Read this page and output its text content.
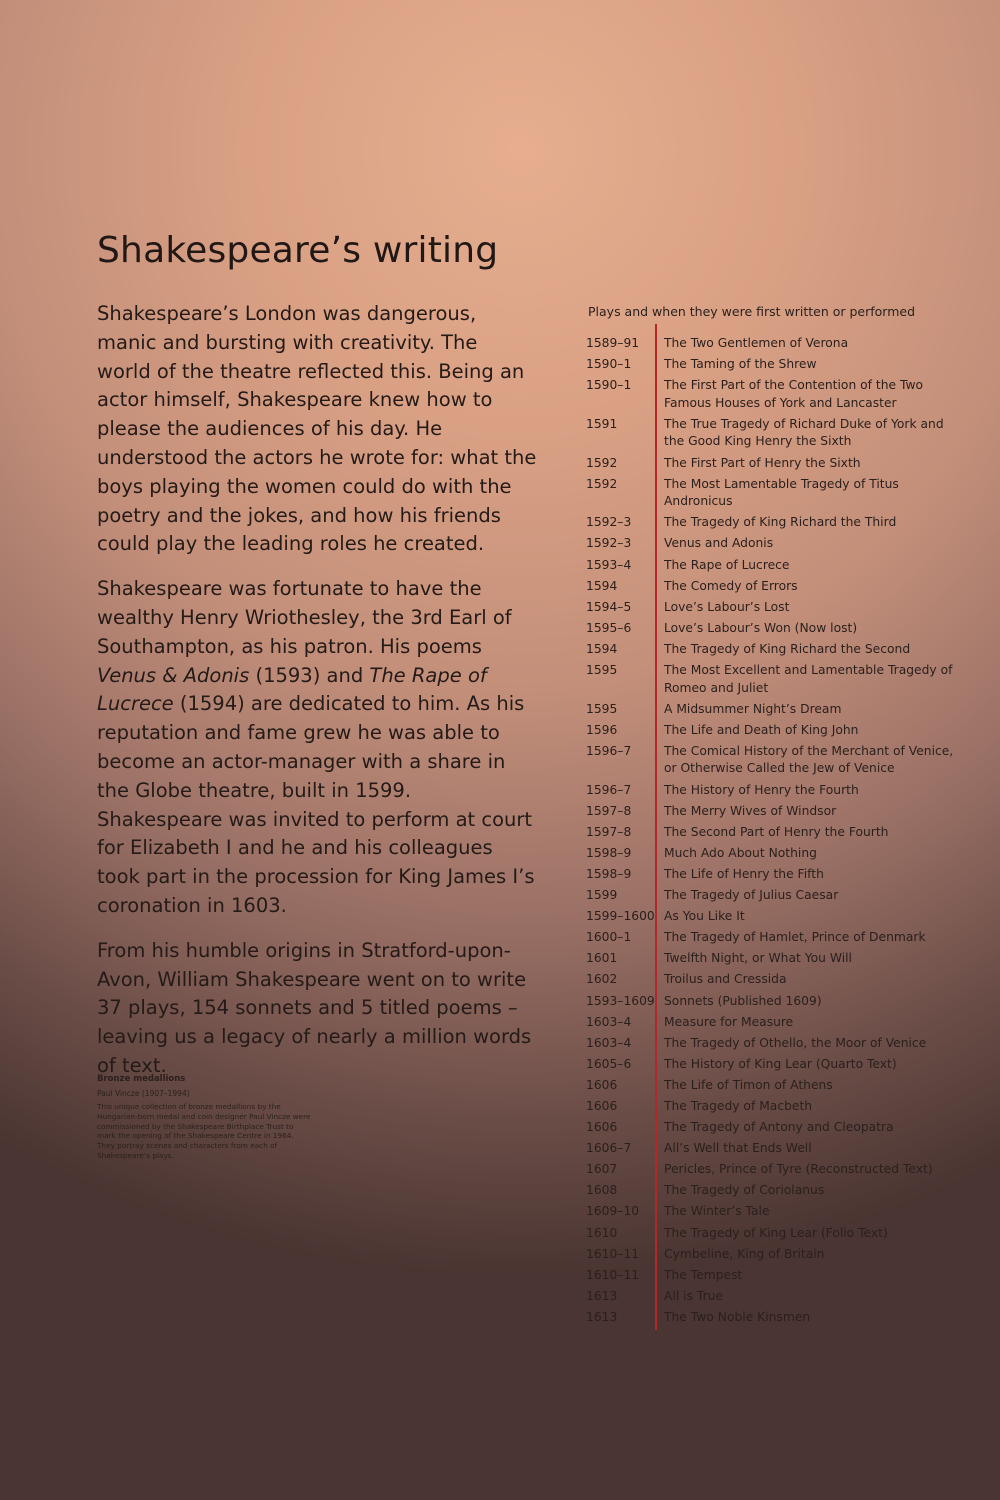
Shakespeare’s writing

Shakespeare’s London was dangerous, manic and bursting with creativity. The world of the theatre reflected this. Being an actor himself, Shakespeare knew how to please the audiences of his day. He understood the actors he wrote for: what the boys playing the women could do with the poetry and the jokes, and how his friends could play the leading roles he created.

Shakespeare was fortunate to have the wealthy Henry Wriothesley, the 3rd Earl of Southampton, as his patron. His poems Venus & Adonis (1593) and The Rape of Lucrece (1594) are dedicated to him. As his reputation and fame grew he was able to become an actor-manager with a share in the Globe theatre, built in 1599. Shakespeare was invited to perform at court for Elizabeth I and he and his colleagues took part in the procession for King James I’s coronation in 1603.

From his humble origins in Stratford-upon-Avon, William Shakespeare went on to write 37 plays, 154 sonnets and 5 titled poems – leaving us a legacy of nearly a million words of text.

Bronze medallions

Paul Vincze (1907–1994)

This unique collection of bronze medallions by the Hungarian-born medal and coin designer Paul Vincze were commissioned by the Shakespeare Birthplace Trust to mark the opening of the Shakespeare Centre in 1964. They portray scenes and characters from each of Shakespeare’s plays.

Plays and when they were first written or performed

1589–91	The Two Gentlemen of Verona
1590–1	The Taming of the Shrew
1590–1	The First Part of the Contention of the Two Famous Houses of York and Lancaster
1591	The True Tragedy of Richard Duke of York and the Good King Henry the Sixth
1592	The First Part of Henry the Sixth
1592	The Most Lamentable Tragedy of Titus Andronicus
1592–3	The Tragedy of King Richard the Third
1592–3	Venus and Adonis
1593–4	The Rape of Lucrece
1594	The Comedy of Errors
1594–5	Love’s Labour’s Lost
1595–6	Love’s Labour’s Won (Now lost)
1594	The Tragedy of King Richard the Second
1595	The Most Excellent and Lamentable Tragedy of Romeo and Juliet
1595	A Midsummer Night’s Dream
1596	The Life and Death of King John
1596–7	The Comical History of the Merchant of Venice, or Otherwise Called the Jew of Venice
1596–7	The History of Henry the Fourth
1597–8	The Merry Wives of Windsor
1597–8	The Second Part of Henry the Fourth
1598–9	Much Ado About Nothing
1598–9	The Life of Henry the Fifth
1599	The Tragedy of Julius Caesar
1599–1600 As You Like It
1600–1	The Tragedy of Hamlet, Prince of Denmark
1601	Twelfth Night, or What You Will
1602	Troilus and Cressida
1593–1609 Sonnets (Published 1609)
1603–4	Measure for Measure
1603–4	The Tragedy of Othello, the Moor of Venice
1605–6	The History of King Lear (Quarto Text)
1606	The Life of Timon of Athens
1606	The Tragedy of Macbeth
1606	The Tragedy of Antony and Cleopatra
1606–7	All’s Well that Ends Well
1607	Pericles, Prince of Tyre (Reconstructed Text)
1608	The Tragedy of Coriolanus
1609–10	The Winter’s Tale
1610	The Tragedy of King Lear (Folio Text)
1610–11	Cymbeline, King of Britain
1610–11	The Tempest
1613	All is True
1613	The Two Noble Kinsmen
